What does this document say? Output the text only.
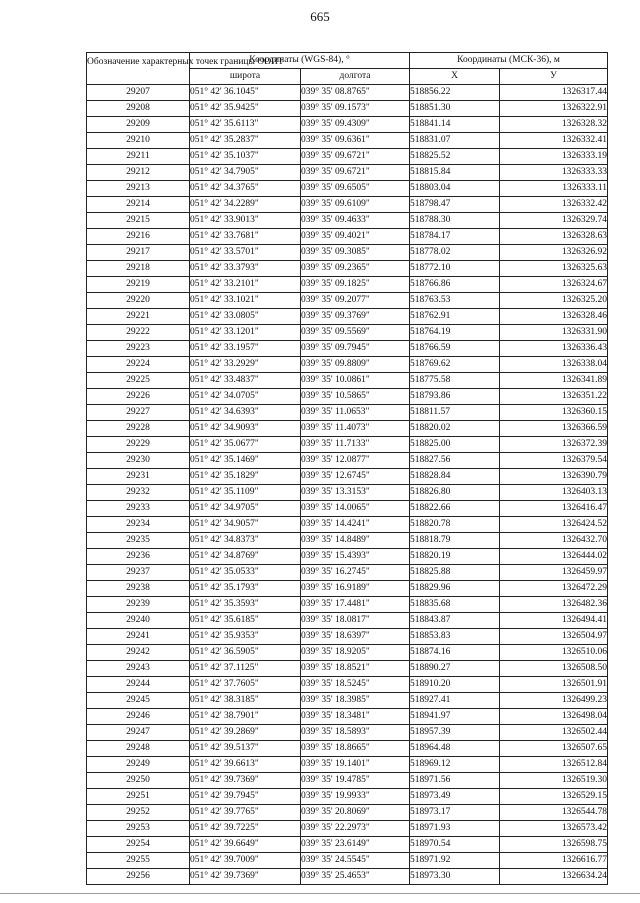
665
Обозначение характерных точек границы ООПТ	Координаты (WGS-84), °		Координаты (МСК-36), м	
	широта	долгота	X	У
29207	051° 42' 36.1045"	039° 35' 08.8765"	518856.22	1326317.44
29208	051° 42' 35.9425"	039° 35' 09.1573"	518851.30	1326322.91
29209	051° 42' 35.6113"	039° 35' 09.4309"	518841.14	1326328.32
29210	051° 42' 35.2837"	039° 35' 09.6361"	518831.07	1326332.41
29211	051° 42' 35.1037"	039° 35' 09.6721"	518825.52	1326333.19
29212	051° 42' 34.7905"	039° 35' 09.6721"	518815.84	1326333.33
29213	051° 42' 34.3765"	039° 35' 09.6505"	518803.04	1326333.11
29214	051° 42' 34.2289"	039° 35' 09.6109"	518798.47	1326332.42
29215	051° 42' 33.9013"	039° 35' 09.4633"	518788.30	1326329.74
29216	051° 42' 33.7681"	039° 35' 09.4021"	518784.17	1326328.63
29217	051° 42' 33.5701"	039° 35' 09.3085"	518778.02	1326326.92
29218	051° 42' 33.3793"	039° 35' 09.2365"	518772.10	1326325.63
29219	051° 42' 33.2101"	039° 35' 09.1825"	518766.86	1326324.67
29220	051° 42' 33.1021"	039° 35' 09.2077"	518763.53	1326325.20
29221	051° 42' 33.0805"	039° 35' 09.3769"	518762.91	1326328.46
29222	051° 42' 33.1201"	039° 35' 09.5569"	518764.19	1326331.90
29223	051° 42' 33.1957"	039° 35' 09.7945"	518766.59	1326336.43
29224	051° 42' 33.2929"	039° 35' 09.8809"	518769.62	1326338.04
29225	051° 42' 33.4837"	039° 35' 10.0861"	518775.58	1326341.89
29226	051° 42' 34.0705"	039° 35' 10.5865"	518793.86	1326351.22
29227	051° 42' 34.6393"	039° 35' 11.0653"	518811.57	1326360.15
29228	051° 42' 34.9093"	039° 35' 11.4073"	518820.02	1326366.59
29229	051° 42' 35.0677"	039° 35' 11.7133"	518825.00	1326372.39
29230	051° 42' 35.1469"	039° 35' 12.0877"	518827.56	1326379.54
29231	051° 42' 35.1829"	039° 35' 12.6745"	518828.84	1326390.79
29232	051° 42' 35.1109"	039° 35' 13.3153"	518826.80	1326403.13
29233	051° 42' 34.9705"	039° 35' 14.0065"	518822.66	1326416.47
29234	051° 42' 34.9057"	039° 35' 14.4241"	518820.78	1326424.52
29235	051° 42' 34.8373"	039° 35' 14.8489"	518818.79	1326432.70
29236	051° 42' 34.8769"	039° 35' 15.4393"	518820.19	1326444.02
29237	051° 42' 35.0533"	039° 35' 16.2745"	518825.88	1326459.97
29238	051° 42' 35.1793"	039° 35' 16.9189"	518829.96	1326472.29
29239	051° 42' 35.3593"	039° 35' 17.4481"	518835.68	1326482.36
29240	051° 42' 35.6185"	039° 35' 18.0817"	518843.87	1326494.41
29241	051° 42' 35.9353"	039° 35' 18.6397"	518853.83	1326504.97
29242	051° 42' 36.5905"	039° 35' 18.9205"	518874.16	1326510.06
29243	051° 42' 37.1125"	039° 35' 18.8521"	518890.27	1326508.50
29244	051° 42' 37.7605"	039° 35' 18.5245"	518910.20	1326501.91
29245	051° 42' 38.3185"	039° 35' 18.3985"	518927.41	1326499.23
29246	051° 42' 38.7901"	039° 35' 18.3481"	518941.97	1326498.04
29247	051° 42' 39.2869"	039° 35' 18.5893"	518957.39	1326502.44
29248	051° 42' 39.5137"	039° 35' 18.8665"	518964.48	1326507.65
29249	051° 42' 39.6613"	039° 35' 19.1401"	518969.12	1326512.84
29250	051° 42' 39.7369"	039° 35' 19.4785"	518971.56	1326519.30
29251	051° 42' 39.7945"	039° 35' 19.9933"	518973.49	1326529.15
29252	051° 42' 39.7765"	039° 35' 20.8069"	518973.17	1326544.78
29253	051° 42' 39.7225"	039° 35' 22.2973"	518971.93	1326573.42
29254	051° 42' 39.6649"	039° 35' 23.6149"	518970.54	1326598.75
29255	051° 42' 39.7009"	039° 35' 24.5545"	518971.92	1326616.77
29256	051° 42' 39.7369"	039° 35' 25.4653"	518973.30	1326634.24
